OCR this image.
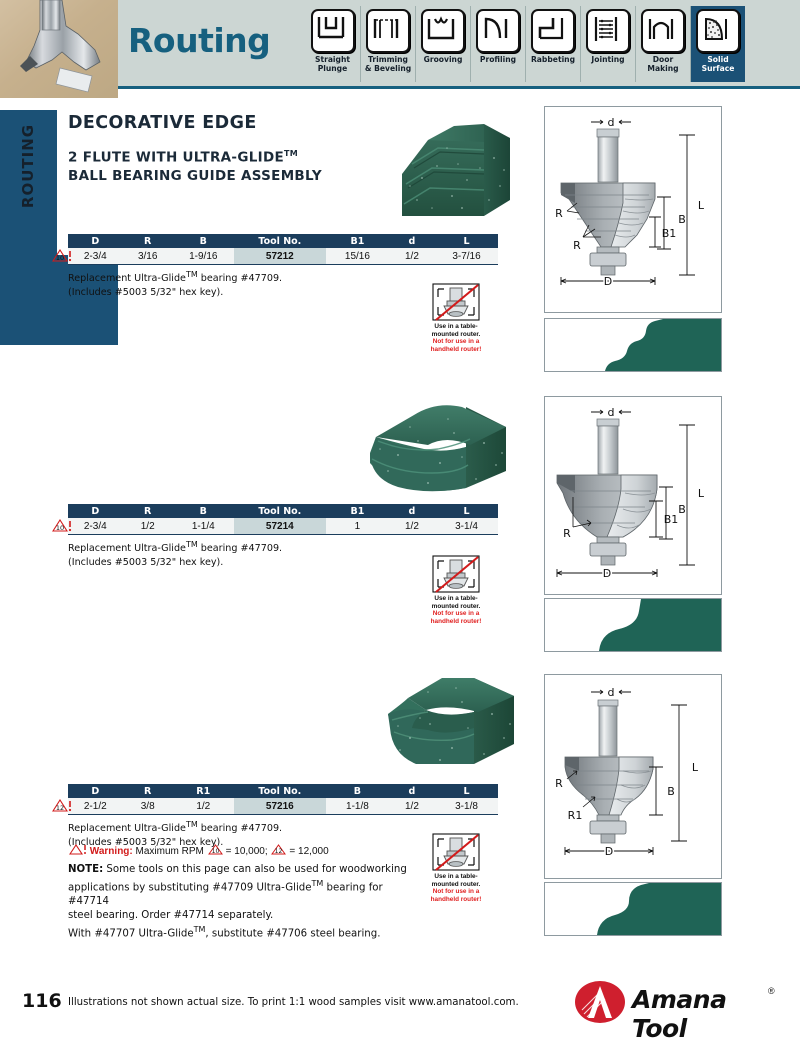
Routing	Straight
Plunge
Trimming
& Beveling
Grooving Profiling Rabbeting Jointing	Door
Making
Solid
Surface
ROUTING
DECORATIVE EDGE
2 FLUTE WITH ULTRA-GLIDE™
BALL BEARING GUIDE ASSEMBLY
10
D	R	B	Tool No.	B1	d	L
2-3/4	3/16	1-9/16	57212	15/16	1/2	3-7/16
Replacement Ultra-Glide™ bearing #47709.
(Includes #5003 5/32" hex key).
Use in a table-
mounted router.
Not for use in a
handheld router!
d
R
R
D
B1
B
L
10
D	R	B	Tool No.	B1	d	L
2-3/4	1/2	1-1/4	57214	1	1/2	3-1/4
Replacement Ultra-Glide™ bearing #47709.
(Includes #5003 5/32" hex key).
Use in a table-
mounted router.
Not for use in a
handheld router!
d
R
D
B1
B
L
12
D	R	R1	Tool No.	B	d	L
2-1/2	3/8	1/2	57216	1-1/8	1/2	3-1/8
Replacement Ultra-Glide™ bearing #47709.
(Includes #5003 5/32" hex key).
Use in a table-
mounted router.
Not for use in a
handheld router!
d
R
R1
D
B
L
Warning: Maximum RPM 10 = 10,000; 12 = 12,000
NOTE: Some tools on this page can also be used for woodworking
applications by substituting #47709 Ultra-Glide™ bearing for #47714
steel bearing. Order #47714 separately.
With #47707 Ultra-Glide™, substitute #47706 steel bearing.
116 Illustrations not shown actual size. To print 1:1 wood samples visit www.amanatool.com.	Amana Tool
®
